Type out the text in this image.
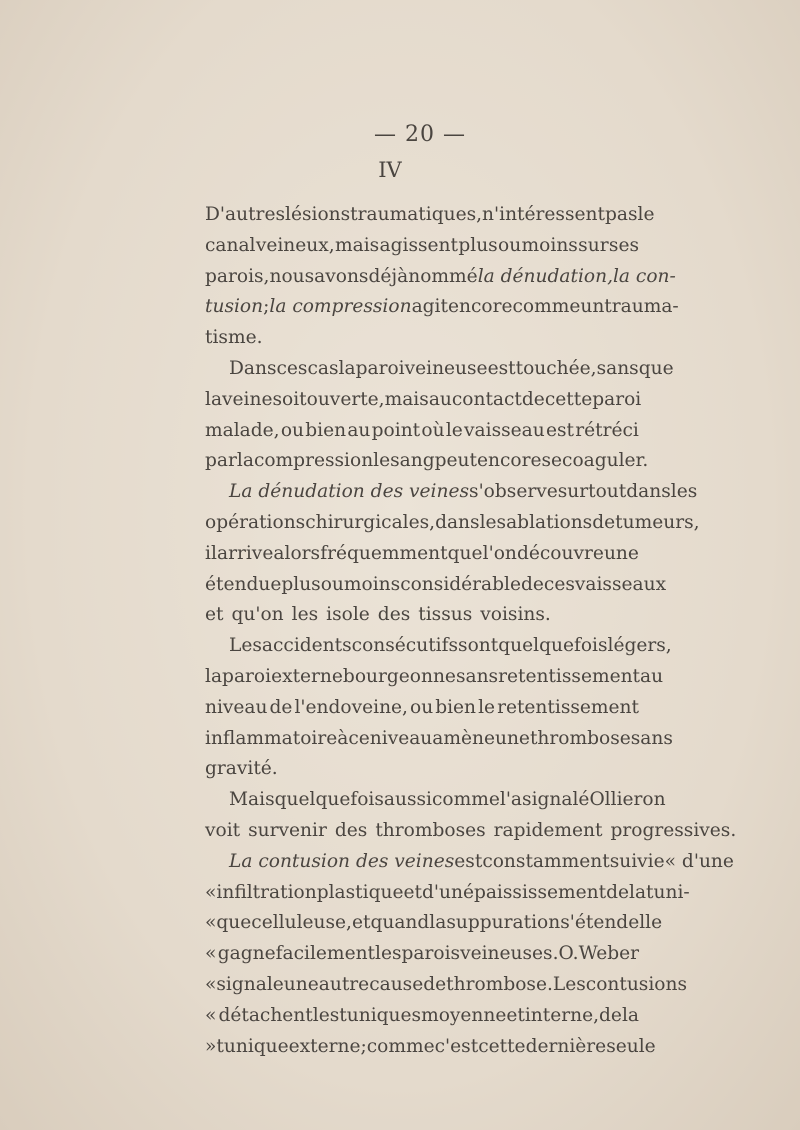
— 20 —
IV
D'autres lésions traumatiques, n'intéressent pas le
canal veineux, mais agissent plus ou moins sur ses
parois, nous avons déjà nommé la dénudation, la con-
tusion ; la compression agit encore comme un trauma-
tisme.
Dans ces cas la paroi veineuse est touchée, sans que
la veine soit ouverte, mais au contact de cette paroi
malade, ou bien au point où le vaisseau est rétréci
par la compression le sang peut encore se coaguler.
La dénudation des veines s'observe surtout dans les
opérations chirurgicales, dans les ablations de tumeurs,
il arrive alors fréquemment que l'on découvre une
étendue plus ou moins considérable de ces vaisseaux
et qu'on les isole des tissus voisins.
Les accidents consécutifs sont quelquefois légers,
la paroi externe bourgeonne sans retentissement au
niveau de l'endoveine, ou bien le retentissement
inflammatoire à ce niveau amène une thrombose sans
gravité.
Mais quelquefois aussi comme l'a signalé Ollier on
voit survenir des thromboses rapidement progressives.
La contusion des veines est constamment suivie « d'une
« infiltration plastique et d'un épaississement de la tuni-
« que celluleuse, et quand la suppuration s'étend elle
« gagne facilement les parois veineuses. O. Weber
« signale une autre cause de thrombose. Les contusions
« détachent les tuniques moyenne et interne, de la
» tunique externe ; comme c'est cette dernière seule
